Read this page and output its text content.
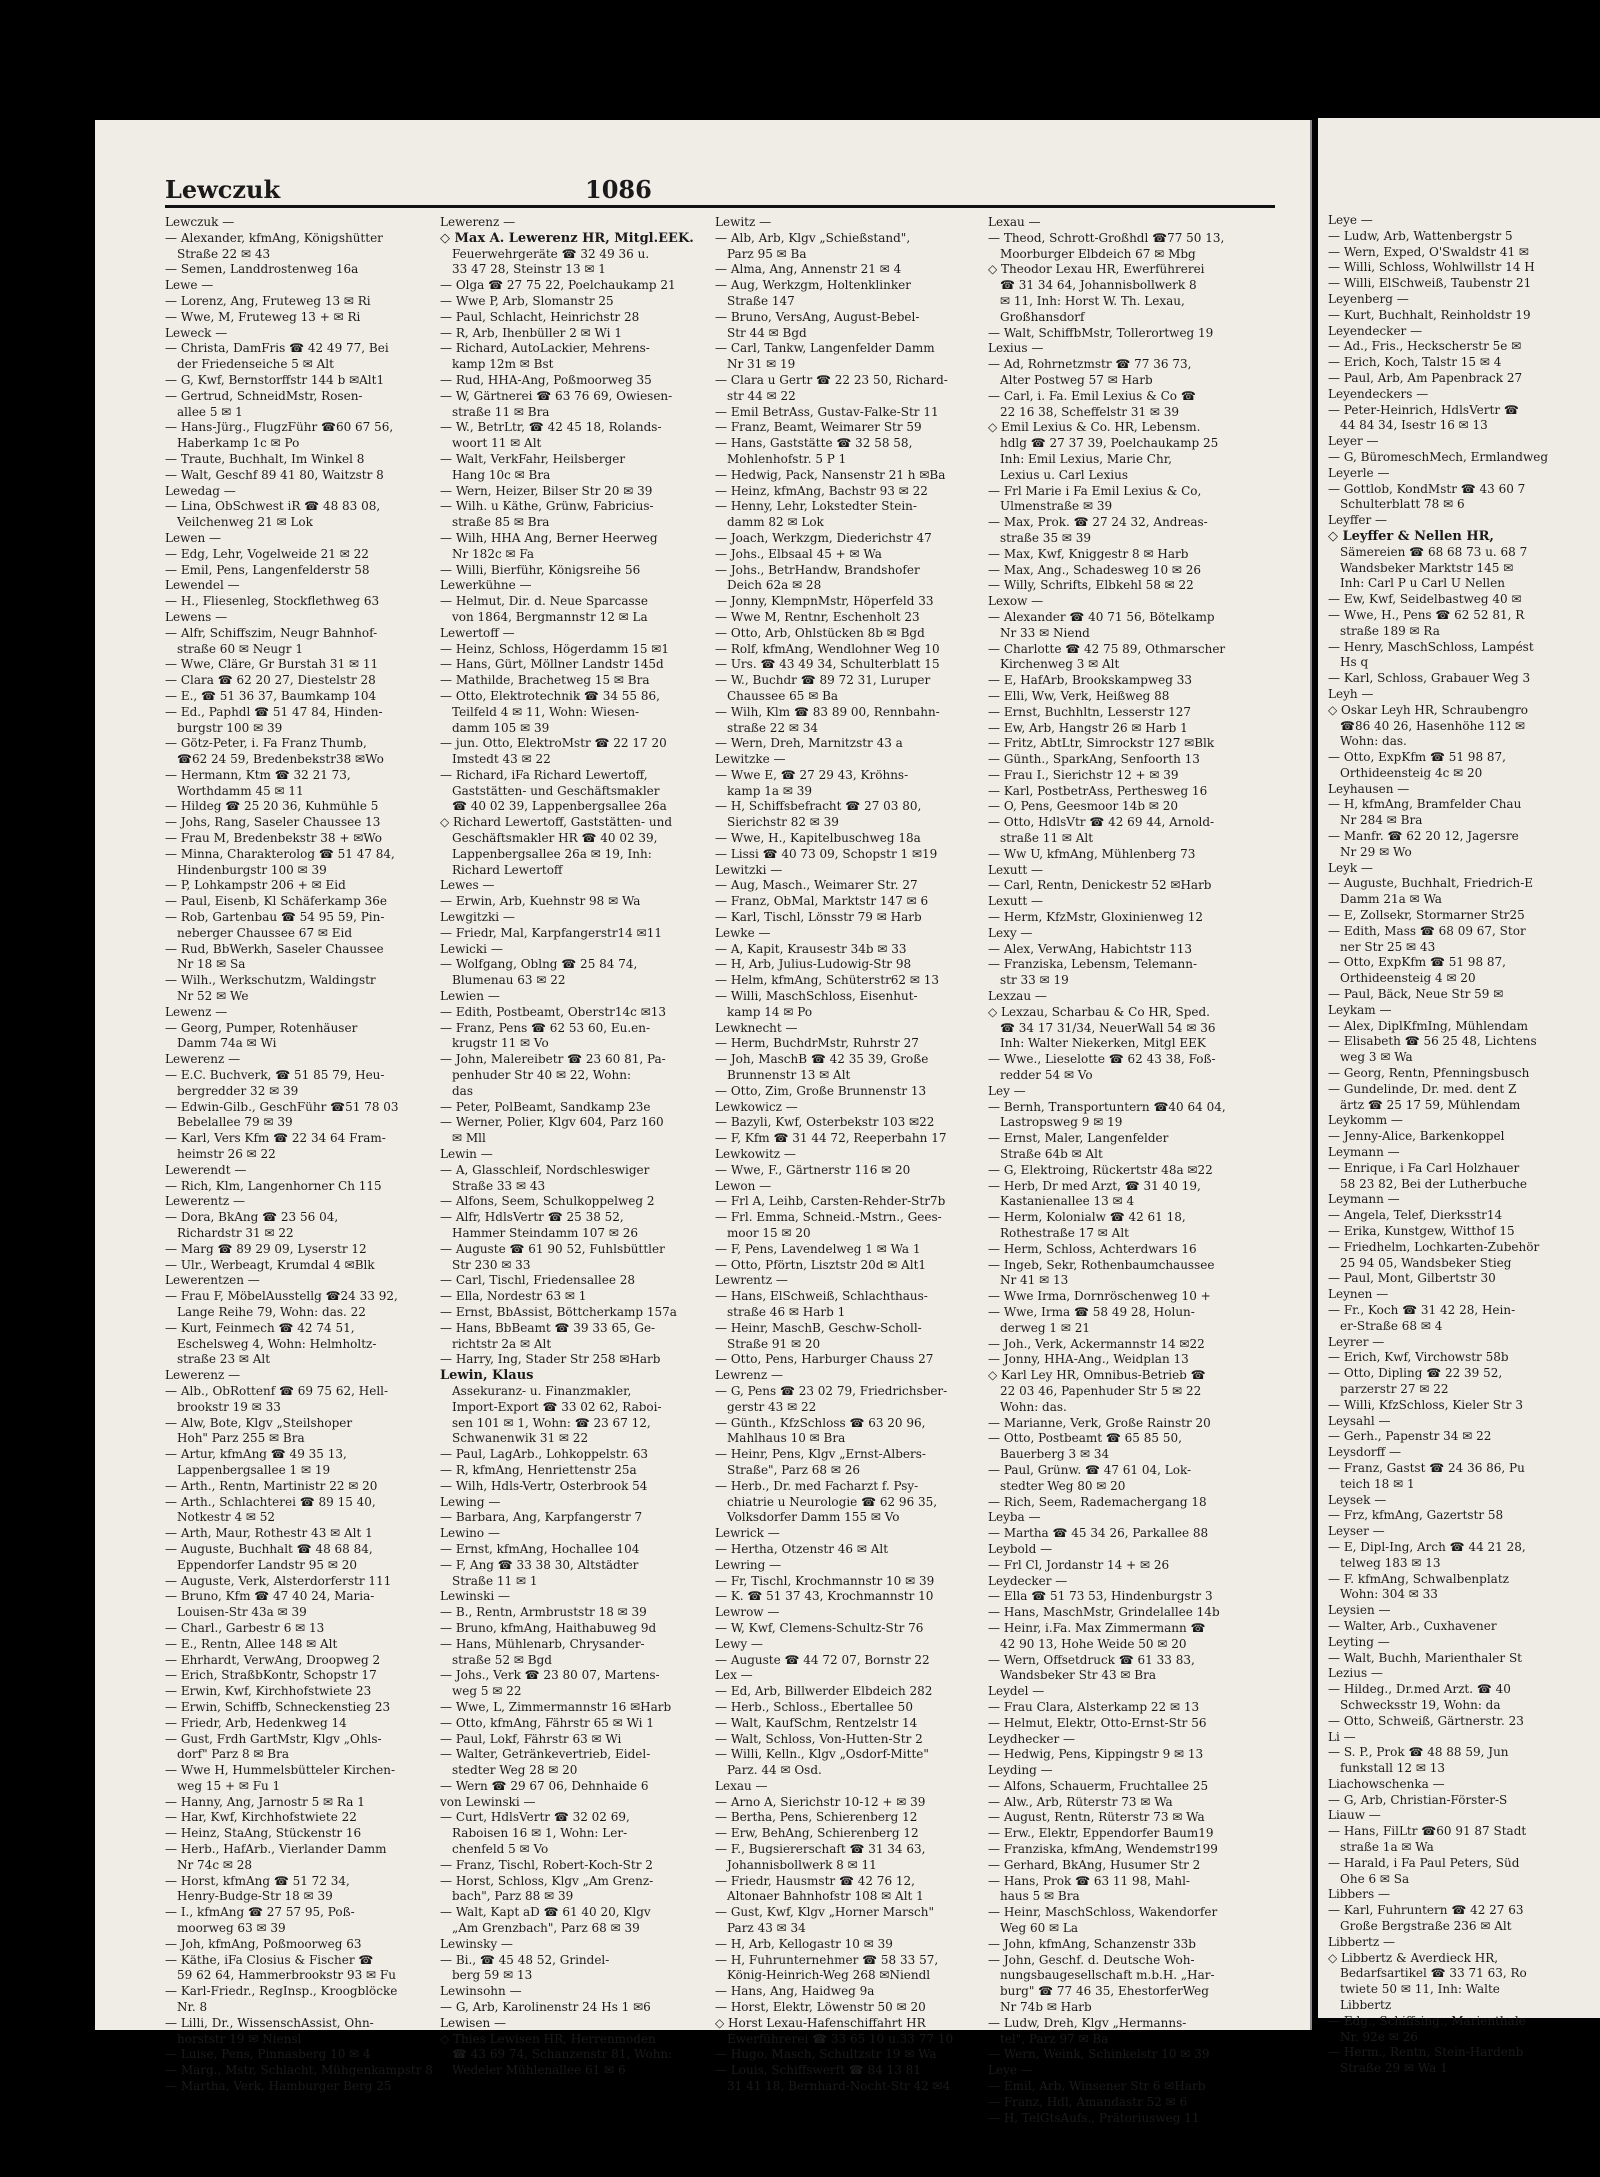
Lewczuk	1086
Lewczuk —
— Alexander, kfmAng, Königshütter
Straße 22 ✉ 43
— Semen, Landdrostenweg 16a
Lewe —
— Lorenz, Ang, Fruteweg 13 ✉ Ri
— Wwe, M, Fruteweg 13 + ✉ Ri
Leweck —
— Christa, DamFris ☎ 42 49 77, Bei
der Friedenseiche 5 ✉ Alt
— G, Kwf, Bernstorffstr 144 b ✉Alt1
— Gertrud, SchneidMstr, Rosen-
allee 5 ✉ 1
— Hans-Jürg., FlugzFühr ☎60 67 56,
Haberkamp 1c ✉ Po
— Traute, Buchhalt, Im Winkel 8
— Walt, Geschf 89 41 80, Waitzstr 8
Lewedag —
— Lina, ObSchwest iR ☎ 48 83 08,
Veilchenweg 21 ✉ Lok
Lewen —
— Edg, Lehr, Vogelweide 21 ✉ 22
— Emil, Pens, Langenfelderstr 58
Lewendel —
— H., Fliesenleg, Stockflethweg 63
Lewens —
— Alfr, Schiffszim, Neugr Bahnhof-
straße 60 ✉ Neugr 1
— Wwe, Cläre, Gr Burstah 31 ✉ 11
— Clara ☎ 62 20 27, Diestelstr 28
— E., ☎ 51 36 37, Baumkamp 104
— Ed., Paphdl ☎ 51 47 84, Hinden-
burgstr 100 ✉ 39
— Götz-Peter, i. Fa Franz Thumb,
☎62 24 59, Bredenbekstr38 ✉Wo
— Hermann, Ktm ☎ 32 21 73,
Worthdamm 45 ✉ 11
— Hildeg ☎ 25 20 36, Kuhmühle 5
— Johs, Rang, Saseler Chaussee 13
— Frau M, Bredenbekstr 38 + ✉Wo
— Minna, Charakterolog ☎ 51 47 84,
Hindenburgstr 100 ✉ 39
— P, Lohkampstr 206 + ✉ Eid
— Paul, Eisenb, Kl Schäferkamp 36e
— Rob, Gartenbau ☎ 54 95 59, Pin-
neberger Chaussee 67 ✉ Eid
— Rud, BbWerkh, Saseler Chaussee
Nr 18 ✉ Sa
— Wilh., Werkschutzm, Waldingstr
Nr 52 ✉ We
Lewenz —
— Georg, Pumper, Rotenhäuser
Damm 74a ✉ Wi
Lewerenz —
— E.C. Buchverk, ☎ 51 85 79, Heu-
bergredder 32 ✉ 39
— Edwin-Gilb., GeschFühr ☎51 78 03
Bebelallee 79 ✉ 39
— Karl, Vers Kfm ☎ 22 34 64 Fram-
heimstr 26 ✉ 22
Lewerendt —
— Rich, Klm, Langenhorner Ch 115
Lewerentz —
— Dora, BkAng ☎ 23 56 04,
Richardstr 31 ✉ 22
— Marg ☎ 89 29 09, Lyserstr 12
— Ulr., Werbeagt, Krumdal 4 ✉Blk
Lewerentzen —
— Frau F, MöbelAusstellg ☎24 33 92,
Lange Reihe 79, Wohn: das. 22
— Kurt, Feinmech ☎ 42 74 51,
Eschelsweg 4, Wohn: Helmholtz-
straße 23 ✉ Alt
Lewerenz —
— Alb., ObRottenf ☎ 69 75 62, Hell-
brookstr 19 ✉ 33
— Alw, Bote, Klgv „Steilshoper
Hoh" Parz 255 ✉ Bra
— Artur, kfmAng ☎ 49 35 13,
Lappenbergsallee 1 ✉ 19
— Arth., Rentn, Martinistr 22 ✉ 20
— Arth., Schlachterei ☎ 89 15 40,
Notkestr 4 ✉ 52
— Arth, Maur, Rothestr 43 ✉ Alt 1
— Auguste, Buchhalt ☎ 48 68 84,
Eppendorfer Landstr 95 ✉ 20
— Auguste, Verk, Alsterdorferstr 111
— Bruno, Kfm ☎ 47 40 24, Maria-
Louisen-Str 43a ✉ 39
— Charl., Garbestr 6 ✉ 13
— E., Rentn, Allee 148 ✉ Alt
— Ehrhardt, VerwAng, Droopweg 2
— Erich, StraßbKontr, Schopstr 17
— Erwin, Kwf, Kirchhofstwiete 23
— Erwin, Schiffb, Schneckenstieg 23
— Friedr, Arb, Hedenkweg 14
— Gust, Frdh GartMstr, Klgv „Ohls-
dorf" Parz 8 ✉ Bra
— Wwe H, Hummelsbütteler Kirchen-
weg 15 + ✉ Fu 1
— Hanny, Ang, Jarnostr 5 ✉ Ra 1
— Har, Kwf, Kirchhofstwiete 22
— Heinz, StaAng, Stückenstr 16
— Herb., HafArb., Vierlander Damm
Nr 74c ✉ 28
— Horst, kfmAng ☎ 51 72 34,
Henry-Budge-Str 18 ✉ 39
— I., kfmAng ☎ 27 57 95, Poß-
moorweg 63 ✉ 39
— Joh, kfmAng, Poßmoorweg 63
— Käthe, iFa Closius & Fischer ☎
59 62 64, Hammerbrookstr 93 ✉ Fu
— Karl-Friedr., RegInsp., Kroogblöcke
Nr. 8
— Lilli, Dr., WissenschAssist, Ohn-
horststr 19 ✉ Niensl
— Luise, Pens, Pinnasberg 10 ✉ 4
— Marg., Mstr, Schlacht, Mühgenkampstr 8
— Martha, Verk, Hamburger Berg 25
Lewerenz —
◇ Max A. Lewerenz HR, Mitgl.EEK.
Feuerwehrgeräte ☎ 32 49 36 u.
33 47 28, Steinstr 13 ✉ 1
— Olga ☎ 27 75 22, Poelchaukamp 21
— Wwe P, Arb, Slomanstr 25
— Paul, Schlacht, Heinrichstr 28
— R, Arb, Ihenbüller 2 ✉ Wi 1
— Richard, AutoLackier, Mehrens-
kamp 12m ✉ Bst
— Rud, HHA-Ang, Poßmoorweg 35
— W, Gärtnerei ☎ 63 76 69, Owiesen-
straße 11 ✉ Bra
— W., BetrLtr, ☎ 42 45 18, Rolands-
woort 11 ✉ Alt
— Walt, VerkFahr, Heilsberger
Hang 10c ✉ Bra
— Wern, Heizer, Bilser Str 20 ✉ 39
— Wilh. u Käthe, Grünw, Fabricius-
straße 85 ✉ Bra
— Wilh, HHA Ang, Berner Heerweg
Nr 182c ✉ Fa
— Willi, Bierführ, Königsreihe 56
Lewerkühne —
— Helmut, Dir. d. Neue Sparcasse
von 1864, Bergmannstr 12 ✉ La
Lewertoff —
— Heinz, Schloss, Högerdamm 15 ✉1
— Hans, Gürt, Möllner Landstr 145d
— Mathilde, Brachetweg 15 ✉ Bra
— Otto, Elektrotechnik ☎ 34 55 86,
Teilfeld 4 ✉ 11, Wohn: Wiesen-
damm 105 ✉ 39
— jun. Otto, ElektroMstr ☎ 22 17 20
Imstedt 43 ✉ 22
— Richard, iFa Richard Lewertoff,
Gaststätten- und Geschäftsmakler
☎ 40 02 39, Lappenbergsallee 26a
◇ Richard Lewertoff, Gaststätten- und
Geschäftsmakler HR ☎ 40 02 39,
Lappenbergsallee 26a ✉ 19, Inh:
Richard Lewertoff
Lewes —
— Erwin, Arb, Kuehnstr 98 ✉ Wa
Lewgitzki —
— Friedr, Mal, Karpfangerstr14 ✉11
Lewicki —
— Wolfgang, Oblng ☎ 25 84 74,
Blumenau 63 ✉ 22
Lewien —
— Edith, Postbeamt, Oberstr14c ✉13
— Franz, Pens ☎ 62 53 60, Eu.en-
krugstr 11 ✉ Vo
— John, Malereibetr ☎ 23 60 81, Pa-
penhuder Str 40 ✉ 22, Wohn:
das
— Peter, PolBeamt, Sandkamp 23e
— Werner, Polier, Klgv 604, Parz 160
✉ Mll
Lewin —
— A, Glasschleif, Nordschleswiger
Straße 33 ✉ 43
— Alfons, Seem, Schulkoppelweg 2
— Alfr, HdlsVertr ☎ 25 38 52,
Hammer Steindamm 107 ✉ 26
— Auguste ☎ 61 90 52, Fuhlsbüttler
Str 230 ✉ 33
— Carl, Tischl, Friedensallee 28
— Ella, Nordestr 63 ✉ 1
— Ernst, BbAssist, Böttcherkamp 157a
— Hans, BbBeamt ☎ 39 33 65, Ge-
richtstr 2a ✉ Alt
— Harry, Ing, Stader Str 258 ✉Harb
Lewin, Klaus
Assekuranz- u. Finanzmakler,
Import-Export ☎ 33 02 62, Raboi-
sen 101 ✉ 1, Wohn: ☎ 23 67 12,
Schwanenwik 31 ✉ 22
— Paul, LagArb., Lohkoppelstr. 63
— R, kfmAng, Henriettenstr 25a
— Wilh, Hdls-Vertr, Osterbrook 54
Lewing —
— Barbara, Ang, Karpfangerstr 7
Lewino —
— Ernst, kfmAng, Hochallee 104
— F, Ang ☎ 33 38 30, Altstädter
Straße 11 ✉ 1
Lewinski —
— B., Rentn, Armbruststr 18 ✉ 39
— Bruno, kfmAng, Haithabuweg 9d
— Hans, Mühlenarb, Chrysander-
straße 52 ✉ Bgd
— Johs., Verk ☎ 23 80 07, Martens-
weg 5 ✉ 22
— Wwe, L, Zimmermannstr 16 ✉Harb
— Otto, kfmAng, Fährstr 65 ✉ Wi 1
— Paul, Lokf, Fährstr 63 ✉ Wi
— Walter, Getränkevertrieb, Eidel-
stedter Weg 28 ✉ 20
— Wern ☎ 29 67 06, Dehnhaide 6
von Lewinski —
— Curt, HdlsVertr ☎ 32 02 69,
Raboisen 16 ✉ 1, Wohn: Ler-
chenfeld 5 ✉ Vo
— Franz, Tischl, Robert-Koch-Str 2
— Horst, Schloss, Klgv „Am Grenz-
bach", Parz 88 ✉ 39
— Walt, Kapt aD ☎ 61 40 20, Klgv
„Am Grenzbach", Parz 68 ✉ 39
Lewinsky —
— Bi., ☎ 45 48 52, Grindel-
berg 59 ✉ 13
Lewinsohn —
— G, Arb, Karolinenstr 24 Hs 1 ✉6
Lewisen —
◇ Thies Lewisen HR, Herrenmoden
☎ 43 69 74, Schanzenstr 81, Wohn:
Wedeler Mühlenallee 61 ✉ 6
Lewitz —
— Alb, Arb, Klgv „Schießstand",
Parz 95 ✉ Ba
— Alma, Ang, Annenstr 21 ✉ 4
— Aug, Werkzgm, Holtenklinker
Straße 147
— Bruno, VersAng, August-Bebel-
Str 44 ✉ Bgd
— Carl, Tankw, Langenfelder Damm
Nr 31 ✉ 19
— Clara u Gertr ☎ 22 23 50, Richard-
str 44 ✉ 22
— Emil BetrAss, Gustav-Falke-Str 11
— Franz, Beamt, Weimarer Str 59
— Hans, Gaststätte ☎ 32 58 58,
Mohlenhofstr. 5 P 1
— Hedwig, Pack, Nansenstr 21 h ✉Ba
— Heinz, kfmAng, Bachstr 93 ✉ 22
— Henny, Lehr, Lokstedter Stein-
damm 82 ✉ Lok
— Joach, Werkzgm, Diederichstr 47
— Johs., Elbsaal 45 + ✉ Wa
— Johs., BetrHandw, Brandshofer
Deich 62a ✉ 28
— Jonny, KlempnMstr, Höperfeld 33
— Wwe M, Rentnr, Eschenholt 23
— Otto, Arb, Ohlstücken 8b ✉ Bgd
— Rolf, kfmAng, Wendlohner Weg 10
— Urs. ☎ 43 49 34, Schulterblatt 15
— W., Buchdr ☎ 89 72 31, Luruper
Chaussee 65 ✉ Ba
— Wilh, Klm ☎ 83 89 00, Rennbahn-
straße 22 ✉ 34
— Wern, Dreh, Marnitzstr 43 a
Lewitzke —
— Wwe E, ☎ 27 29 43, Kröhns-
kamp 1a ✉ 39
— H, Schiffsbefracht ☎ 27 03 80,
Sierichstr 82 ✉ 39
— Wwe, H., Kapitelbuschweg 18a
— Lissi ☎ 40 73 09, Schopstr 1 ✉19
Lewitzki —
— Aug, Masch., Weimarer Str. 27
— Franz, ObMal, Marktstr 147 ✉ 6
— Karl, Tischl, Lönsstr 79 ✉ Harb
Lewke —
— A, Kapit, Krausestr 34b ✉ 33
— H, Arb, Julius-Ludowig-Str 98
— Helm, kfmAng, Schüterstr62 ✉ 13
— Willi, MaschSchloss, Eisenhut-
kamp 14 ✉ Po
Lewknecht —
— Herm, BuchdrMstr, Ruhrstr 27
— Joh, MaschB ☎ 42 35 39, Große
Brunnenstr 13 ✉ Alt
— Otto, Zim, Große Brunnenstr 13
Lewkowicz —
— Bazyli, Kwf, Osterbekstr 103 ✉22
— F, Kfm ☎ 31 44 72, Reeperbahn 17
Lewkowitz —
— Wwe, F., Gärtnerstr 116 ✉ 20
Lewon —
— Frl A, Leihb, Carsten-Rehder-Str7b
— Frl. Emma, Schneid.-Mstrn., Gees-
moor 15 ✉ 20
— F, Pens, Lavendelweg 1 ✉ Wa 1
— Otto, Pförtn, Lisztstr 20d ✉ Alt1
Lewrentz —
— Hans, ElSchweiß, Schlachthaus-
straße 46 ✉ Harb 1
— Heinr, MaschB, Geschw-Scholl-
Straße 91 ✉ 20
— Otto, Pens, Harburger Chauss 27
Lewrenz —
— G, Pens ☎ 23 02 79, Friedrichsber-
gerstr 43 ✉ 22
— Günth., KfzSchloss ☎ 63 20 96,
Mahlhaus 10 ✉ Bra
— Heinr, Pens, Klgv „Ernst-Albers-
Straße", Parz 68 ✉ 26
— Herb., Dr. med Facharzt f. Psy-
chiatrie u Neurologie ☎ 62 96 35,
Volksdorfer Damm 155 ✉ Vo
Lewrick —
— Hertha, Otzenstr 46 ✉ Alt
Lewring —
— Fr, Tischl, Krochmannstr 10 ✉ 39
— K. ☎ 51 37 43, Krochmannstr 10
Lewrow —
— W, Kwf, Clemens-Schultz-Str 76
Lewy —
— Auguste ☎ 44 72 07, Bornstr 22
Lex —
— Ed, Arb, Billwerder Elbdeich 282
— Herb., Schloss., Ebertallee 50
— Walt, KaufSchm, Rentzelstr 14
— Walt, Schloss, Von-Hutten-Str 2
— Willi, Kelln., Klgv „Osdorf-Mitte"
Parz. 44 ✉ Osd.
Lexau —
— Arno A, Sierichstr 10-12 + ✉ 39
— Bertha, Pens, Schierenberg 12
— Erw, BehAng, Schierenberg 12
— F., Bugsiererschaft ☎ 31 34 63,
Johannisbollwerk 8 ✉ 11
— Friedr, Hausmstr ☎ 42 76 12,
Altonaer Bahnhofstr 108 ✉ Alt 1
— Gust, Kwf, Klgv „Horner Marsch"
Parz 43 ✉ 34
— H, Arb, Kellogastr 10 ✉ 39
— H, Fuhrunternehmer ☎ 58 33 57,
König-Heinrich-Weg 268 ✉Niendl
— Hans, Ang, Haidweg 9a
— Horst, Elektr, Löwenstr 50 ✉ 20
◇ Horst Lexau-Hafenschiffahrt HR
Ewerführerei ☎ 33 65 10 u.33 77 10
— Hugo, Masch, Schultzstr 19 ✉ Wa
— Louis, Schiffswerft ☎ 84 13 81
31 41 18, Bernhard-Nocht-Str 42 ✉4
Lexau —
— Theod, Schrott-Großhdl ☎77 50 13,
Moorburger Elbdeich 67 ✉ Mbg
◇ Theodor Lexau HR, Ewerführerei
☎ 31 34 64, Johannisbollwerk 8
✉ 11, Inh: Horst W. Th. Lexau,
Großhansdorf
— Walt, SchiffbMstr, Tollerortweg 19
Lexius —
— Ad, Rohrnetzmstr ☎ 77 36 73,
Alter Postweg 57 ✉ Harb
— Carl, i. Fa. Emil Lexius & Co ☎
22 16 38, Scheffelstr 31 ✉ 39
◇ Emil Lexius & Co. HR, Lebensm.
hdlg ☎ 27 37 39, Poelchaukamp 25
Inh: Emil Lexius, Marie Chr,
Lexius u. Carl Lexius
— Frl Marie i Fa Emil Lexius & Co,
Ulmenstraße ✉ 39
— Max, Prok. ☎ 27 24 32, Andreas-
straße 35 ✉ 39
— Max, Kwf, Kniggestr 8 ✉ Harb
— Max, Ang., Schadesweg 10 ✉ 26
— Willy, Schrifts, Elbkehl 58 ✉ 22
Lexow —
— Alexander ☎ 40 71 56, Bötelkamp
Nr 33 ✉ Niend
— Charlotte ☎ 42 75 89, Othmarscher
Kirchenweg 3 ✉ Alt
— E, HafArb, Brookskampweg 33
— Elli, Ww, Verk, Heißweg 88
— Ernst, Buchhltn, Lesserstr 127
— Ew, Arb, Hangstr 26 ✉ Harb 1
— Fritz, AbtLtr, Simrockstr 127 ✉Blk
— Günth., SparkAng, Senfoorth 13
— Frau I., Sierichstr 12 + ✉ 39
— Karl, PostbetrAss, Perthesweg 16
— O, Pens, Geesmoor 14b ✉ 20
— Otto, HdlsVtr ☎ 42 69 44, Arnold-
straße 11 ✉ Alt
— Ww U, kfmAng, Mühlenberg 73
Lexutt —
— Carl, Rentn, Denickestr 52 ✉Harb
Lexutt —
— Herm, KfzMstr, Gloxinienweg 12
Lexy —
— Alex, VerwAng, Habichtstr 113
— Franziska, Lebensm, Telemann-
str 33 ✉ 19
Lexzau —
◇ Lexzau, Scharbau & Co HR, Sped.
☎ 34 17 31/34, NeuerWall 54 ✉ 36
Inh: Walter Niekerken, Mitgl EEK
— Wwe., Lieselotte ☎ 62 43 38, Foß-
redder 54 ✉ Vo
Ley —
— Bernh, Transportuntern ☎40 64 04,
Lastropsweg 9 ✉ 19
— Ernst, Maler, Langenfelder
Straße 64b ✉ Alt
— G, Elektroing, Rückertstr 48a ✉22
— Herb, Dr med Arzt, ☎ 31 40 19,
Kastanienallee 13 ✉ 4
— Herm, Kolonialw ☎ 42 61 18,
Rothestraße 17 ✉ Alt
— Herm, Schloss, Achterdwars 16
— Ingeb, Sekr, Rothenbaumchaussee
Nr 41 ✉ 13
— Wwe Irma, Dornröschenweg 10 +
— Wwe, Irma ☎ 58 49 28, Holun-
derweg 1 ✉ 21
— Joh., Verk, Ackermannstr 14 ✉22
— Jonny, HHA-Ang., Weidplan 13
◇ Karl Ley HR, Omnibus-Betrieb ☎
22 03 46, Papenhuder Str 5 ✉ 22
Wohn: das.
— Marianne, Verk, Große Rainstr 20
— Otto, Postbeamt ☎ 65 85 50,
Bauerberg 3 ✉ 34
— Paul, Grünw. ☎ 47 61 04, Lok-
stedter Weg 80 ✉ 20
— Rich, Seem, Rademachergang 18
Leyba —
— Martha ☎ 45 34 26, Parkallee 88
Leybold —
— Frl Cl, Jordanstr 14 + ✉ 26
Leydecker —
— Ella ☎ 51 73 53, Hindenburgstr 3
— Hans, MaschMstr, Grindelallee 14b
— Heinr, i.Fa. Max Zimmermann ☎
42 90 13, Hohe Weide 50 ✉ 20
— Wern, Offsetdruck ☎ 61 33 83,
Wandsbeker Str 43 ✉ Bra
Leydel —
— Frau Clara, Alsterkamp 22 ✉ 13
— Helmut, Elektr, Otto-Ernst-Str 56
Leydhecker —
— Hedwig, Pens, Kippingstr 9 ✉ 13
Leyding —
— Alfons, Schauerm, Fruchtallee 25
— Alw., Arb, Rüterstr 73 ✉ Wa
— August, Rentn, Rüterstr 73 ✉ Wa
— Erw., Elektr, Eppendorfer Baum19
— Franziska, kfmAng, Wendemstr199
— Gerhard, BkAng, Husumer Str 2
— Hans, Prok ☎ 63 11 98, Mahl-
haus 5 ✉ Bra
— Heinr, MaschSchloss, Wakendorfer
Weg 60 ✉ La
— John, kfmAng, Schanzenstr 33b
— John, Geschf. d. Deutsche Woh-
nungsbaugesellschaft m.b.H. „Har-
burg" ☎ 77 46 35, EhestorferWeg
Nr 74b ✉ Harb
— Ludw, Dreh, Klgv „Hermanns-
tel", Parz 97 ✉ Ba
— Wern, Weink, Schinkelstr 10 ✉ 39
Leye —
— Emil, Arb, Winsener Str 6 ✉Harb
— Franz, Hdl, Amandastr 52 ✉ 6
— H, TelGtsAufs., Prätoriusweg 11
Leye —
— Ludw, Arb, Wattenbergstr 5
— Wern, Exped, O'Swaldstr 41 ✉
— Willi, Schloss, Wohlwillstr 14 H
— Willi, ElSchweiß, Taubenstr 21
Leyenberg —
— Kurt, Buchhalt, Reinholdstr 19
Leyendecker —
— Ad., Fris., Heckscherstr 5e ✉
— Erich, Koch, Talstr 15 ✉ 4
— Paul, Arb, Am Papenbrack 27
Leyendeckers —
— Peter-Heinrich, HdlsVertr ☎
44 84 34, Isestr 16 ✉ 13
Leyer —
— G, BüromeschMech, Ermlandweg
Leyerle —
— Gottlob, KondMstr ☎ 43 60 7
Schulterblatt 78 ✉ 6
Leyffer —
◇ Leyffer & Nellen HR,
Sämereien ☎ 68 68 73 u. 68 7
Wandsbeker Marktstr 145 ✉
Inh: Carl P u Carl U Nellen
— Ew, Kwf, Seidelbastweg 40 ✉
— Wwe, H., Pens ☎ 62 52 81, R
straße 189 ✉ Ra
— Henry, MaschSchloss, Lampést
Hs q
— Karl, Schloss, Grabauer Weg 3
Leyh —
◇ Oskar Leyh HR, Schraubengro
☎86 40 26, Hasenhöhe 112 ✉
Wohn: das.
— Otto, ExpKfm ☎ 51 98 87,
Orthideensteig 4c ✉ 20
Leyhausen —
— H, kfmAng, Bramfelder Chau
Nr 284 ✉ Bra
— Manfr. ☎ 62 20 12, Jagersre
Nr 29 ✉ Wo
Leyk —
— Auguste, Buchhalt, Friedrich-E
Damm 21a ✉ Wa
— E, Zollsekr, Stormarner Str25
— Edith, Mass ☎ 68 09 67, Stor
ner Str 25 ✉ 43
— Otto, ExpKfm ☎ 51 98 87,
Orthideensteig 4 ✉ 20
— Paul, Bäck, Neue Str 59 ✉
Leykam —
— Alex, DiplKfmIng, Mühlendam
— Elisabeth ☎ 56 25 48, Lichtens
weg 3 ✉ Wa
— Georg, Rentn, Pfenningsbusch
— Gundelinde, Dr. med. dent Z
ärtz ☎ 25 17 59, Mühlendam
Leykomm —
— Jenny-Alice, Barkenkoppel
Leymann —
— Enrique, i Fa Carl Holzhauer
58 23 82, Bei der Lutherbuche
Leymann —
— Angela, Telef, Dierksstr14
— Erika, Kunstgew, Witthof 15
— Friedhelm, Lochkarten-Zubehör
25 94 05, Wandsbeker Stieg
— Paul, Mont, Gilbertstr 30
Leynen —
— Fr., Koch ☎ 31 42 28, Hein-
er-Straße 68 ✉ 4
Leyrer —
— Erich, Kwf, Virchowstr 58b
— Otto, Dipling ☎ 22 39 52,
parzerstr 27 ✉ 22
— Willi, KfzSchloss, Kieler Str 3
Leysahl —
— Gerh., Papenstr 34 ✉ 22
Leysdorff —
— Franz, Gastst ☎ 24 36 86, Pu
teich 18 ✉ 1
Leysek —
— Frz, kfmAng, Gazertstr 58
Leyser —
— E, Dipl-Ing, Arch ☎ 44 21 28,
telweg 183 ✉ 13
— F. kfmAng, Schwalbenplatz
Wohn: 304 ✉ 33
Leysien —
— Walter, Arb., Cuxhavener
Leyting —
— Walt, Buchh, Marienthaler St
Lezius —
— Hildeg., Dr.med Arzt. ☎ 40
Schwecksstr 19, Wohn: da
— Otto, Schweiß, Gärtnerstr. 23
Li —
— S. P., Prok ☎ 48 88 59, Jun
funkstall 12 ✉ 13
Liachowschenka —
— G, Arb, Christian-Förster-S
Liauw —
— Hans, FilLtr ☎60 91 87 Stadt
straße 1a ✉ Wa
— Harald, i Fa Paul Peters, Süd
Ohe 6 ✉ Sa
Libbers —
— Karl, Fuhruntern ☎ 42 27 63
Große Bergstraße 236 ✉ Alt
Libbertz —
◇ Libbertz & Averdieck HR,
Bedarfsartikel ☎ 33 71 63, Ro
twiete 50 ✉ 11, Inh: Walte
Libbertz
— Edg., Schiffsing., Marienthale
Nr. 92e ✉ 26
— Herm., Rentn, Stein-Hardenb
Straße 29 ✉ Wa 1
